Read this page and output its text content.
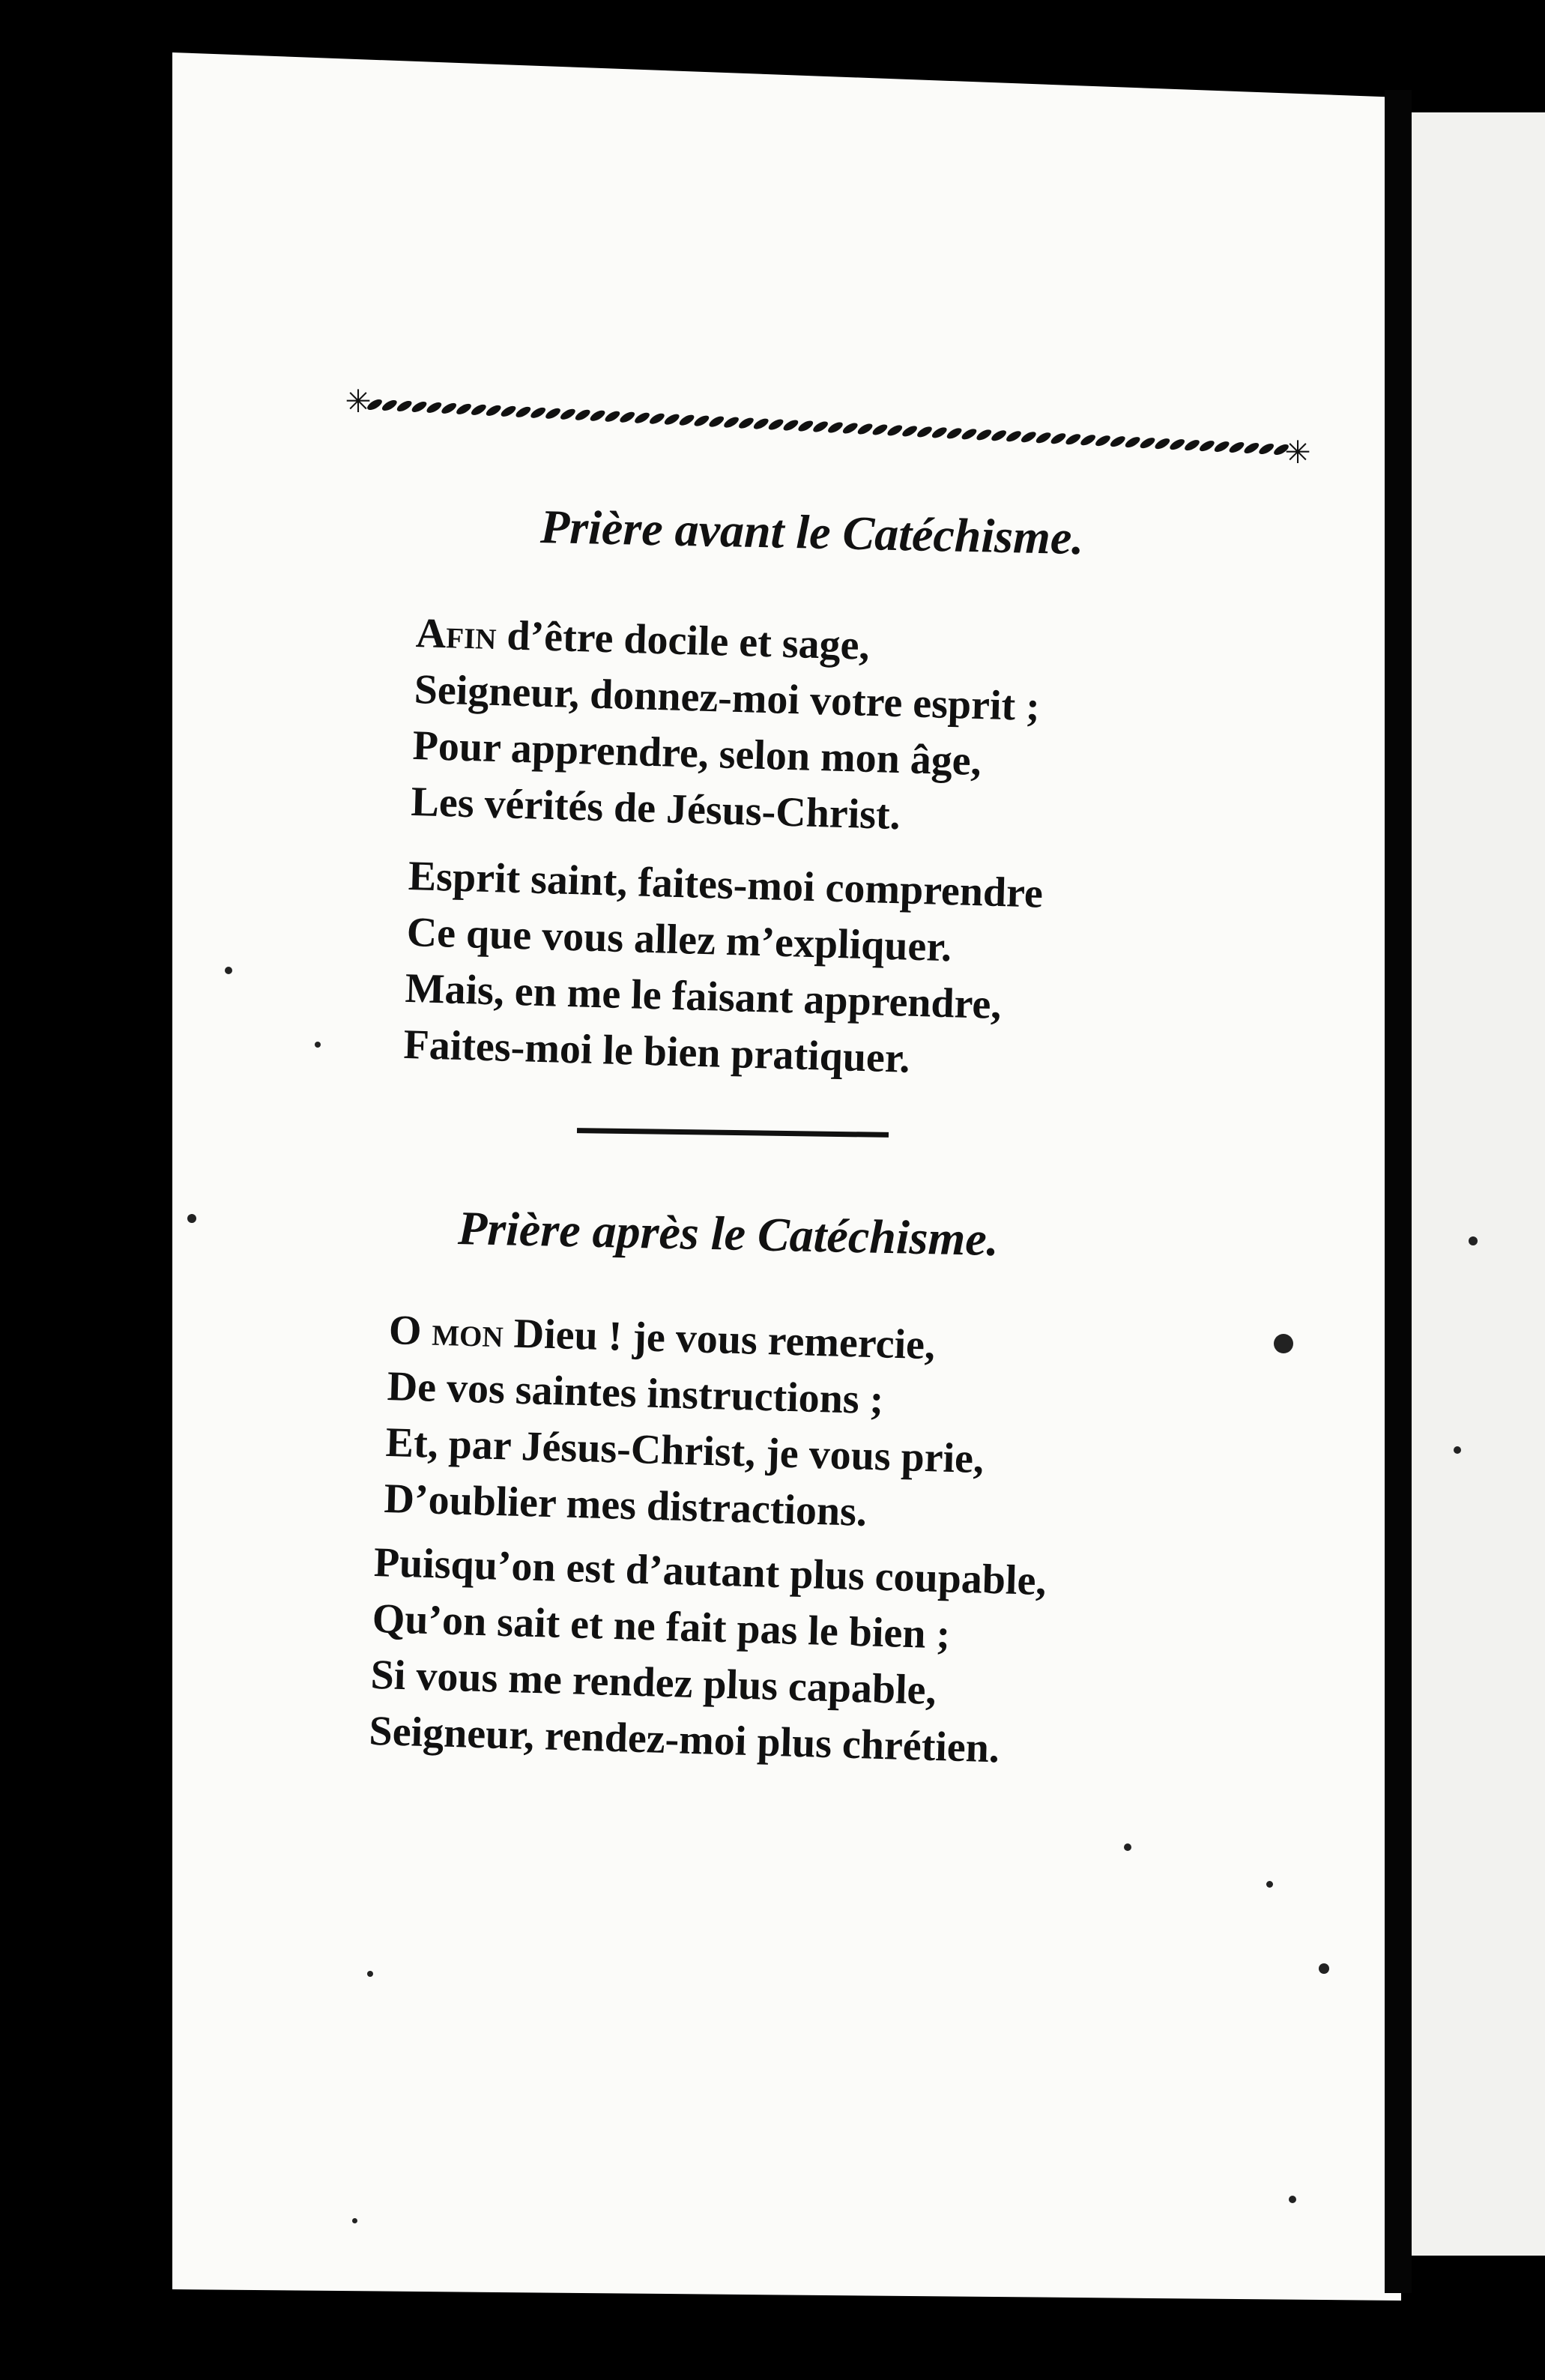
✳
✳
Prière avant le Catéchisme.
Afin d’être docile et sage,
Seigneur, donnez-moi votre esprit ;
Pour apprendre, selon mon âge,
Les vérités de Jésus-Christ.
Esprit saint, faites-moi comprendre
Ce que vous allez m’expliquer.
Mais, en me le faisant apprendre,
Faites-moi le bien pratiquer.
Prière après le Catéchisme.
O mon Dieu ! je vous remercie,
De vos saintes instructions ;
Et, par Jésus-Christ, je vous prie,
D’oublier mes distractions.
Puisqu’on est d’autant plus coupable,
Qu’on sait et ne fait pas le bien ;
Si vous me rendez plus capable,
Seigneur, rendez-moi plus chrétien.
